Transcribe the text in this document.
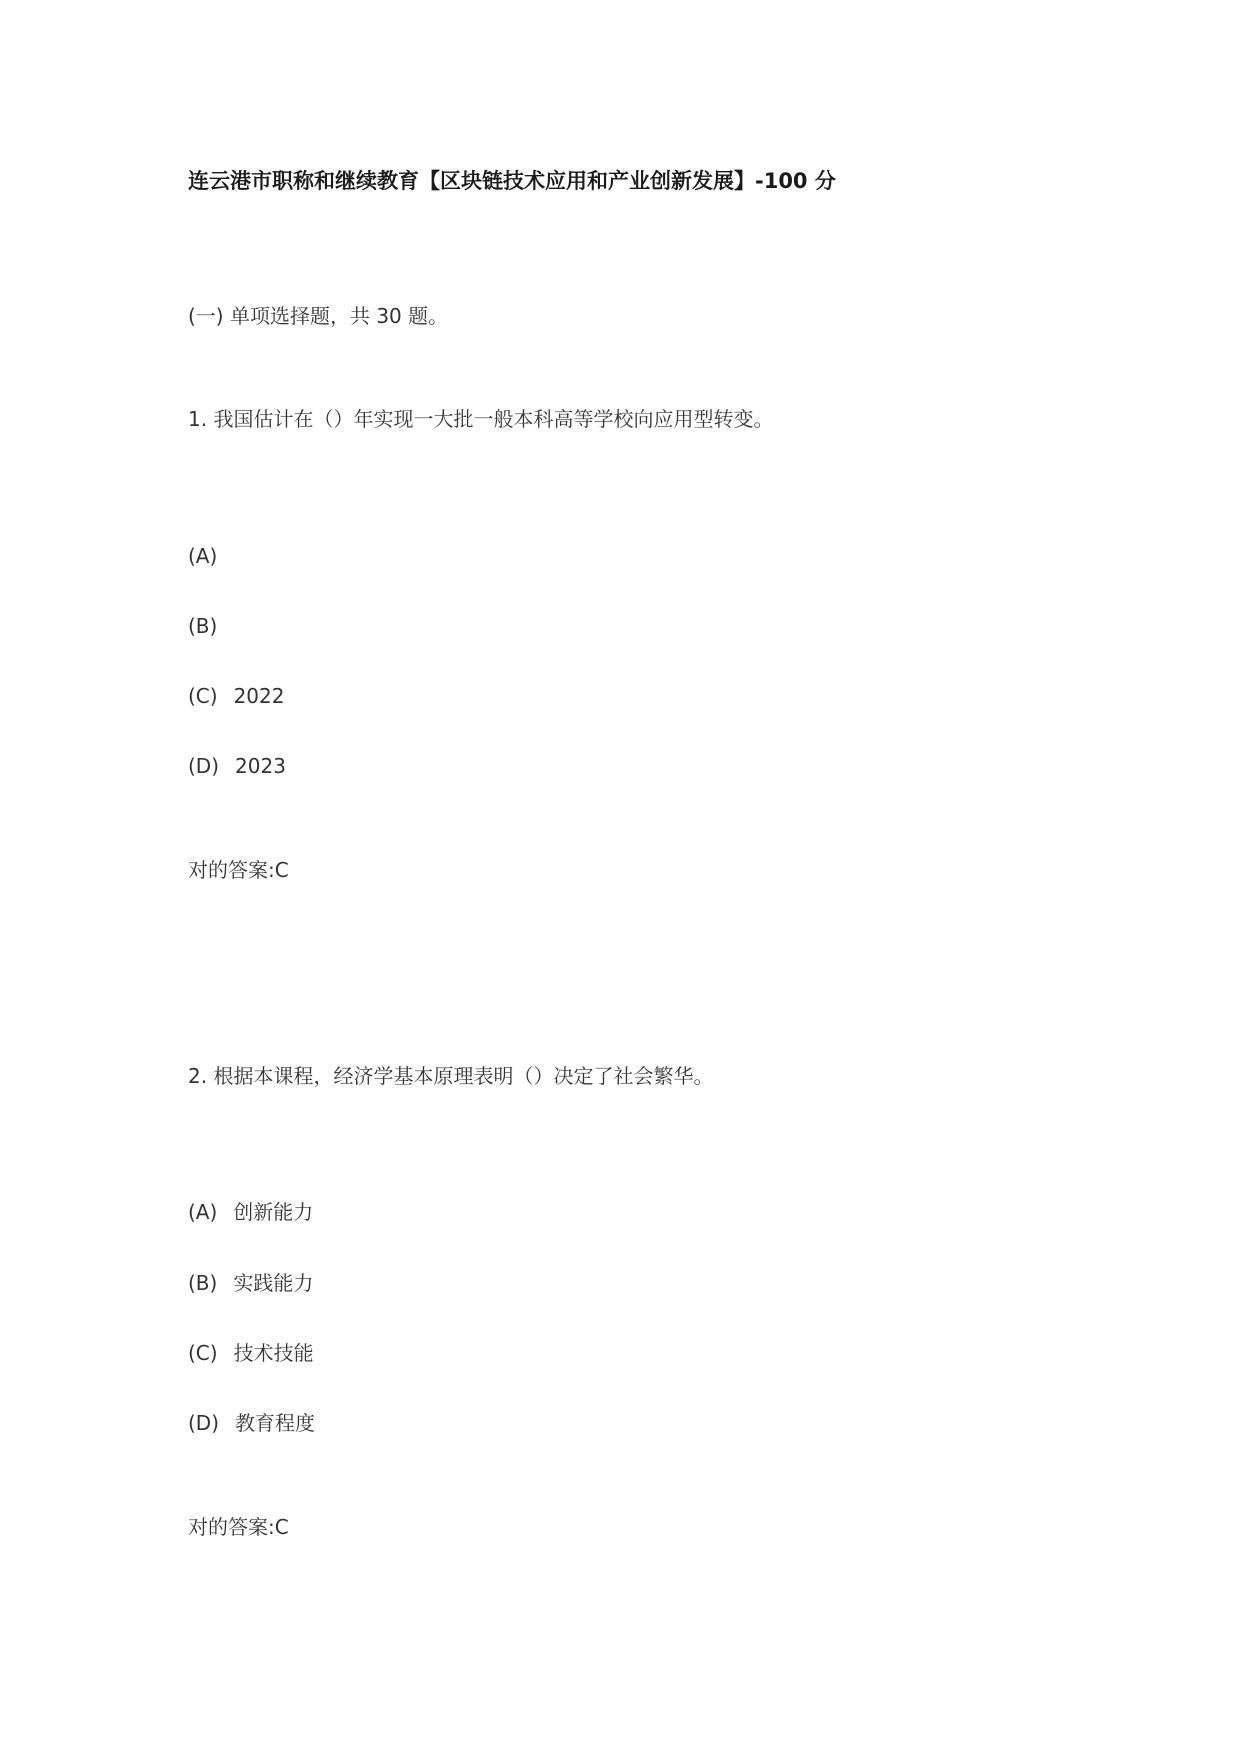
连云港市职称和继续教育【区块链技术应用和产业创新发展】-100 分
(一) 单项选择题，共 30 题。
1. 我国估计在（）年实现一大批一般本科高等学校向应用型转变。
(A)
(B)
(C) 2022
(D) 2023
对的答案:C
2. 根据本课程，经济学基本原理表明（）决定了社会繁华。
(A) 创新能力
(B) 实践能力
(C) 技术技能
(D) 教育程度
对的答案:C
